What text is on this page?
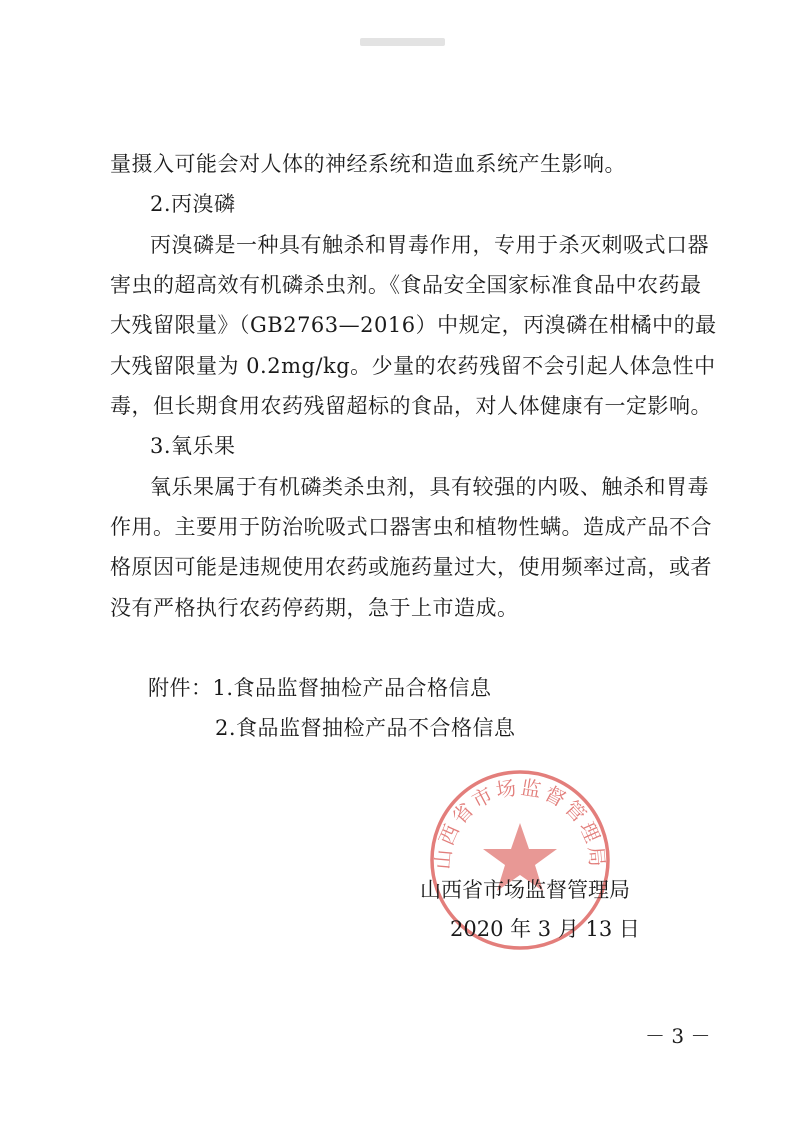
量摄入可能会对人体的神经系统和造血系统产生影响。
2.丙溴磷
丙溴磷是一种具有触杀和胃毒作用，专用于杀灭刺吸式口器
害虫的超高效有机磷杀虫剂。《食品安全国家标准食品中农药最
大残留限量》（GB2763—2016）中规定，丙溴磷在柑橘中的最
大残留限量为 0.2mg/kg。少量的农药残留不会引起人体急性中
毒，但长期食用农药残留超标的食品，对人体健康有一定影响。
3.氧乐果
氧乐果属于有机磷类杀虫剂，具有较强的内吸、触杀和胃毒
作用。主要用于防治吮吸式口器害虫和植物性螨。造成产品不合
格原因可能是违规使用农药或施药量过大，使用频率过高，或者
没有严格执行农药停药期，急于上市造成。
附件：1.食品监督抽检产品合格信息
2.食品监督抽检产品不合格信息
山西省市场监督管理局
山西省市场监督管理局
2020 年 3 月 13 日
－ 3 －
